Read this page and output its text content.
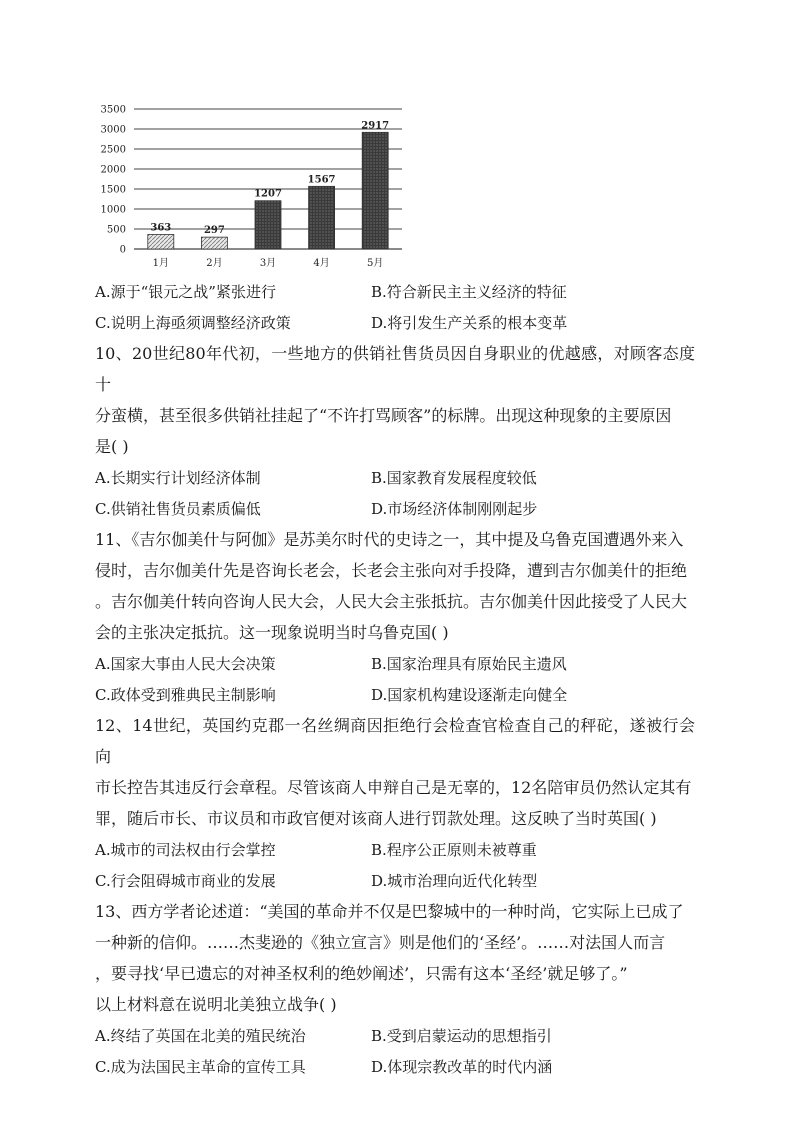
0
500
1000
1500
2000
2500
3000
3500
363	297
1207
1567
2917
1月	2月	3月	4月	5月
A.源于“银元之战”紧张进行	B.符合新民主主义经济的特征
C.说明上海亟须调整经济政策	D.将引发生产关系的根本变革

10、20世纪80年代初，一些地方的供销社售货员因自身职业的优越感，对顾客态度十
分蛮横，甚至很多供销社挂起了“不许打骂顾客”的标牌。出现这种现象的主要原因
是( )

A.长期实行计划经济体制	B.国家教育发展程度较低
C.供销社售货员素质偏低	D.市场经济体制刚刚起步

11、《吉尔伽美什与阿伽》是苏美尔时代的史诗之一，其中提及乌鲁克国遭遇外来入
侵时，吉尔伽美什先是咨询长老会，长老会主张向对手投降，遭到吉尔伽美什的拒绝
。吉尔伽美什转向咨询人民大会，人民大会主张抵抗。吉尔伽美什因此接受了人民大
会的主张决定抵抗。这一现象说明当时乌鲁克国( )

A.国家大事由人民大会决策	B.国家治理具有原始民主遗风
C.政体受到雅典民主制影响	D.国家机构建设逐渐走向健全

12、14世纪，英国约克郡一名丝绸商因拒绝行会检查官检查自己的秤砣，遂被行会向
市长控告其违反行会章程。尽管该商人申辩自己是无辜的，12名陪审员仍然认定其有
罪，随后市长、市议员和市政官便对该商人进行罚款处理。这反映了当时英国( )

A.城市的司法权由行会掌控	B.程序公正原则未被尊重
C.行会阻碍城市商业的发展	D.城市治理向近代化转型

13、西方学者论述道：“美国的革命并不仅是巴黎城中的一种时尚，它实际上已成了
一种新的信仰。……杰斐逊的《独立宣言》则是他们的‘圣经’。……对法国人而言
，要寻找‘早已遗忘的对神圣权利的绝妙阐述’，只需有这本‘圣经’就足够了。”
以上材料意在说明北美独立战争( )

A.终结了英国在北美的殖民统治	B.受到启蒙运动的思想指引
C.成为法国民主革命的宣传工具	D.体现宗教改革的时代内涵
